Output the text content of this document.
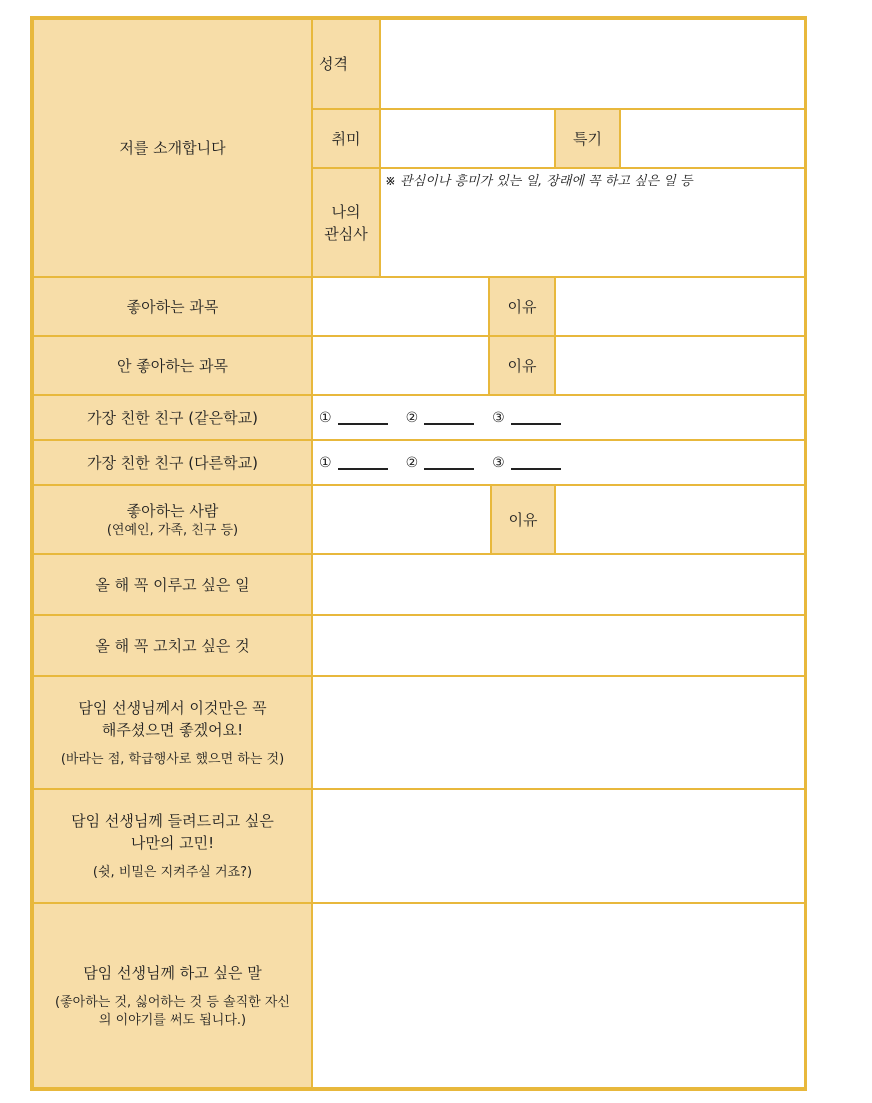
저를 소개합니다
성격
취미	특기
나의
관심사
※ 관심이나 흥미가 있는 일, 장래에 꼭 하고 싶은 일 등
좋아하는 과목	이유
안 좋아하는 과목	이유
가장 친한 친구 (같은학교)	①	②	③
가장 친한 친구 (다른학교)	①	②	③
좋아하는 사람
(연예인, 가족, 친구 등)
이유
올 해 꼭 이루고 싶은 일
올 해 꼭 고치고 싶은 것
담임 선생님께서 이것만은 꼭
해주셨으면 좋겠어요!
(바라는 점, 학급행사로 했으면 하는 것)
담임 선생님께 들려드리고 싶은
나만의 고민!
(쉿, 비밀은 지켜주실 거죠?)
담임 선생님께 하고 싶은 말
(좋아하는 것, 싫어하는 것 등 솔직한 자신
의 이야기를 써도 됩니다.)
